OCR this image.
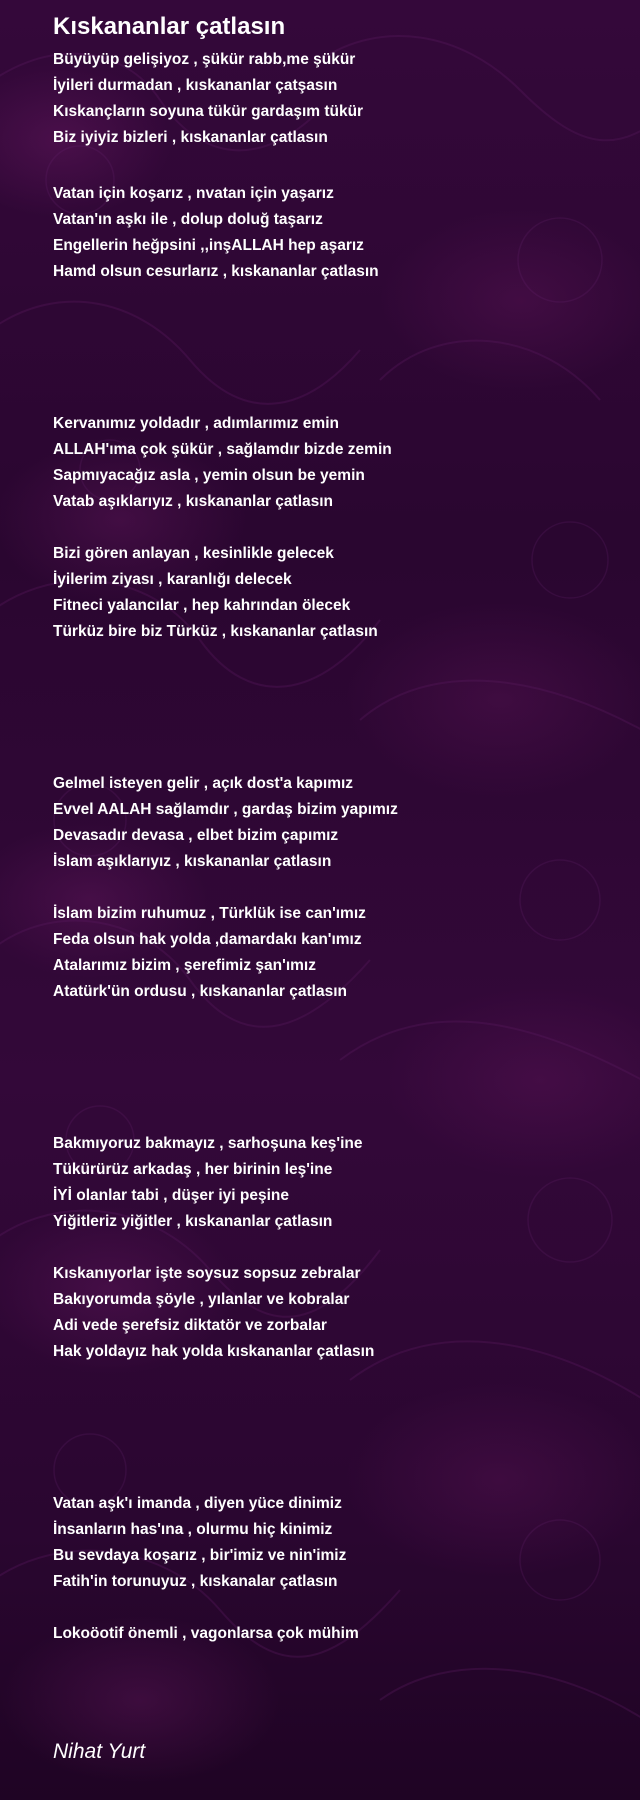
Kıskananlar çatlasın
Büyüyüp gelişiyoz , şükür rabb,me şükür
İyileri durmadan , kıskananlar çatşasın
Kıskançların soyuna tükür gardaşım tükür
Biz iyiyiz bizleri , kıskananlar çatlasın
Vatan için koşarız , nvatan için yaşarız
Vatan'ın aşkı ile , dolup doluğ taşarız
Engellerin heğpsini ,,inşALLAH hep aşarız
Hamd olsun cesurlarız , kıskananlar çatlasın
Kervanımız yoldadır , adımlarımız emin
ALLAH'ıma çok şükür , sağlamdır bizde zemin
Sapmıyacağız asla , yemin olsun be yemin
Vatab aşıklarıyız , kıskananlar çatlasın
Bizi gören anlayan , kesinlikle gelecek
İyilerim ziyası , karanlığı delecek
Fitneci yalancılar , hep kahrından ölecek
Türküz bire biz Türküz , kıskananlar çatlasın
Gelmel isteyen gelir , açık dost'a kapımız
Evvel AALAH sağlamdır , gardaş bizim yapımız
Devasadır devasa , elbet bizim çapımız
İslam aşıklarıyız , kıskananlar çatlasın
İslam bizim ruhumuz , Türklük ise can'ımız
Feda olsun hak yolda ,damardakı kan'ımız
Atalarımız bizim , şerefimiz şan'ımız
Atatürk'ün ordusu , kıskananlar çatlasın
Bakmıyoruz bakmayız , sarhoşuna keş'ine
Tükürürüz arkadaş , her birinin leş'ine
İYİ olanlar tabi , düşer iyi peşine
Yiğitleriz yiğitler , kıskananlar çatlasın
Kıskanıyorlar işte soysuz sopsuz zebralar
Bakıyorumda şöyle , yılanlar ve kobralar
Adi vede şerefsiz diktatör ve zorbalar
Hak yoldayız hak yolda kıskananlar çatlasın
Vatan aşk'ı imanda , diyen yüce dinimiz
İnsanların has'ına , olurmu hiç kinimiz
Bu sevdaya koşarız , bir'imiz ve nin'imiz
Fatih'in torunuyuz , kıskanalar çatlasın
Lokoöotif önemli , vagonlarsa çok mühim

Nihat Yurt
